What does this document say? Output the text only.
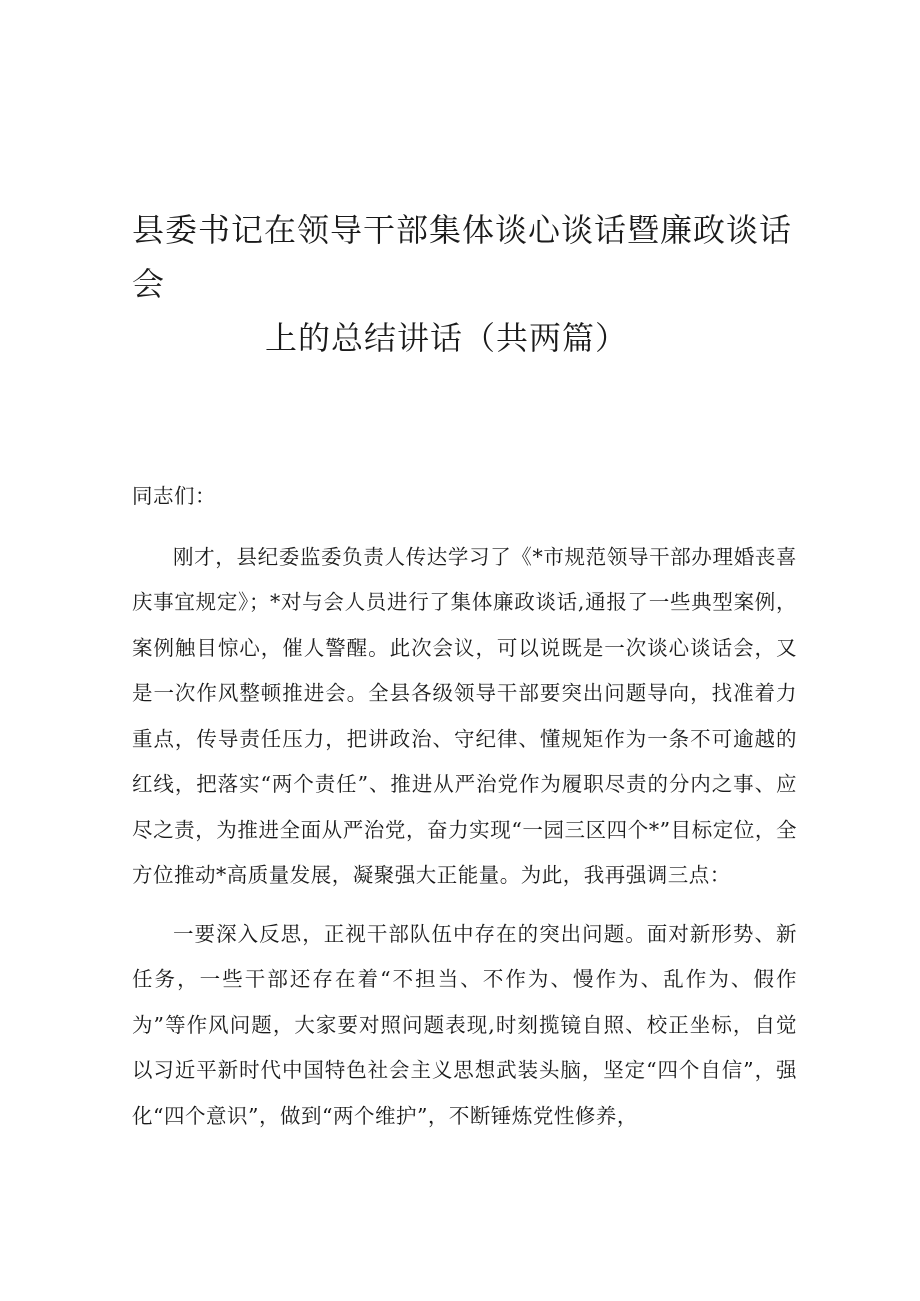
县委书记在领导干部集体谈心谈话暨廉政谈话会
上的总结讲话（共两篇）

同志们：

刚才，县纪委监委负责人传达学习了《*市规范领导干部办理婚丧喜庆事宜规定》；*对与会人员进行了集体廉政谈话,通报了一些典型案例，案例触目惊心，催人警醒。此次会议，可以说既是一次谈心谈话会，又是一次作风整顿推进会。全县各级领导干部要突出问题导向，找准着力重点，传导责任压力，把讲政治、守纪律、懂规矩作为一条不可逾越的红线，把落实“两个责任”、推进从严治党作为履职尽责的分内之事、应尽之责，为推进全面从严治党，奋力实现“一园三区四个*”目标定位，全方位推动*高质量发展，凝聚强大正能量。为此，我再强调三点：

一要深入反思，正视干部队伍中存在的突出问题。面对新形势、新任务，一些干部还存在着“不担当、不作为、慢作为、乱作为、假作为”等作风问题，大家要对照问题表现,时刻揽镜自照、校正坐标，自觉以习近平新时代中国特色社会主义思想武装头脑，坚定“四个自信”，强化“四个意识”，做到“两个维护”，不断锤炼党性修养，
